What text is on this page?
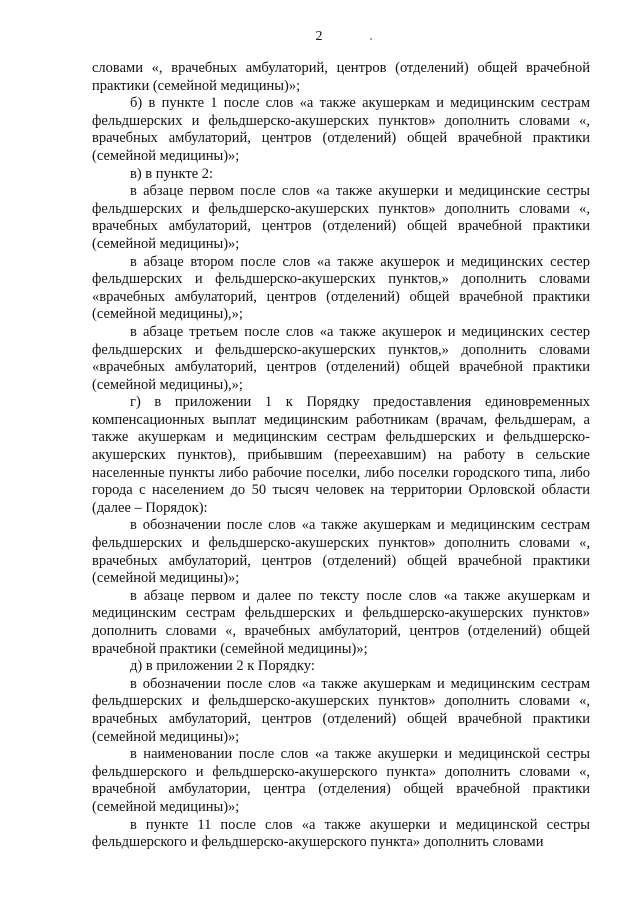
2

словами «, врачебных амбулаторий, центров (отделений) общей врачебной практики (семейной медицины)»;

б) в пункте 1 после слов «а также акушеркам и медицинским сестрам фельдшерских и фельдшерско-акушерских пунктов» дополнить словами «, врачебных амбулаторий, центров (отделений) общей врачебной практики (семейной медицины)»;

в) в пункте 2:

в абзаце первом после слов «а также акушерки и медицинские сестры фельдшерских и фельдшерско-акушерских пунктов» дополнить словами «, врачебных амбулаторий, центров (отделений) общей врачебной практики (семейной медицины)»;

в абзаце втором после слов «а также акушерок и медицинских сестер фельдшерских и фельдшерско-акушерских пунктов,» дополнить словами «врачебных амбулаторий, центров (отделений) общей врачебной практики (семейной медицины),»;

в абзаце третьем после слов «а также акушерок и медицинских сестер фельдшерских и фельдшерско-акушерских пунктов,» дополнить словами «врачебных амбулаторий, центров (отделений) общей врачебной практики (семейной медицины),»;

г) в приложении 1 к Порядку предоставления единовременных компенсационных выплат медицинским работникам (врачам, фельдшерам, а также акушеркам и медицинским сестрам фельдшерских и фельдшерско-акушерских пунктов), прибывшим (переехавшим) на работу в сельские населенные пункты либо рабочие поселки, либо поселки городского типа, либо города с населением до 50 тысяч человек на территории Орловской области (далее – Порядок):

в обозначении после слов «а также акушеркам и медицинским сестрам фельдшерских и фельдшерско-акушерских пунктов» дополнить словами «, врачебных амбулаторий, центров (отделений) общей врачебной практики (семейной медицины)»;

в абзаце первом и далее по тексту после слов «а также акушеркам и медицинским сестрам фельдшерских и фельдшерско-акушерских пунктов» дополнить словами «, врачебных амбулаторий, центров (отделений) общей врачебной практики (семейной медицины)»;

д) в приложении 2 к Порядку:

в обозначении после слов «а также акушеркам и медицинским сестрам фельдшерских и фельдшерско-акушерских пунктов» дополнить словами «, врачебных амбулаторий, центров (отделений) общей врачебной практики (семейной медицины)»;

в наименовании после слов «а также акушерки и медицинской сестры фельдшерского и фельдшерско-акушерского пункта» дополнить словами «, врачебной амбулатории, центра (отделения) общей врачебной практики (семейной медицины)»;

в пункте 11 после слов «а также акушерки и медицинской сестры фельдшерского и фельдшерско-акушерского пункта» дополнить словами
